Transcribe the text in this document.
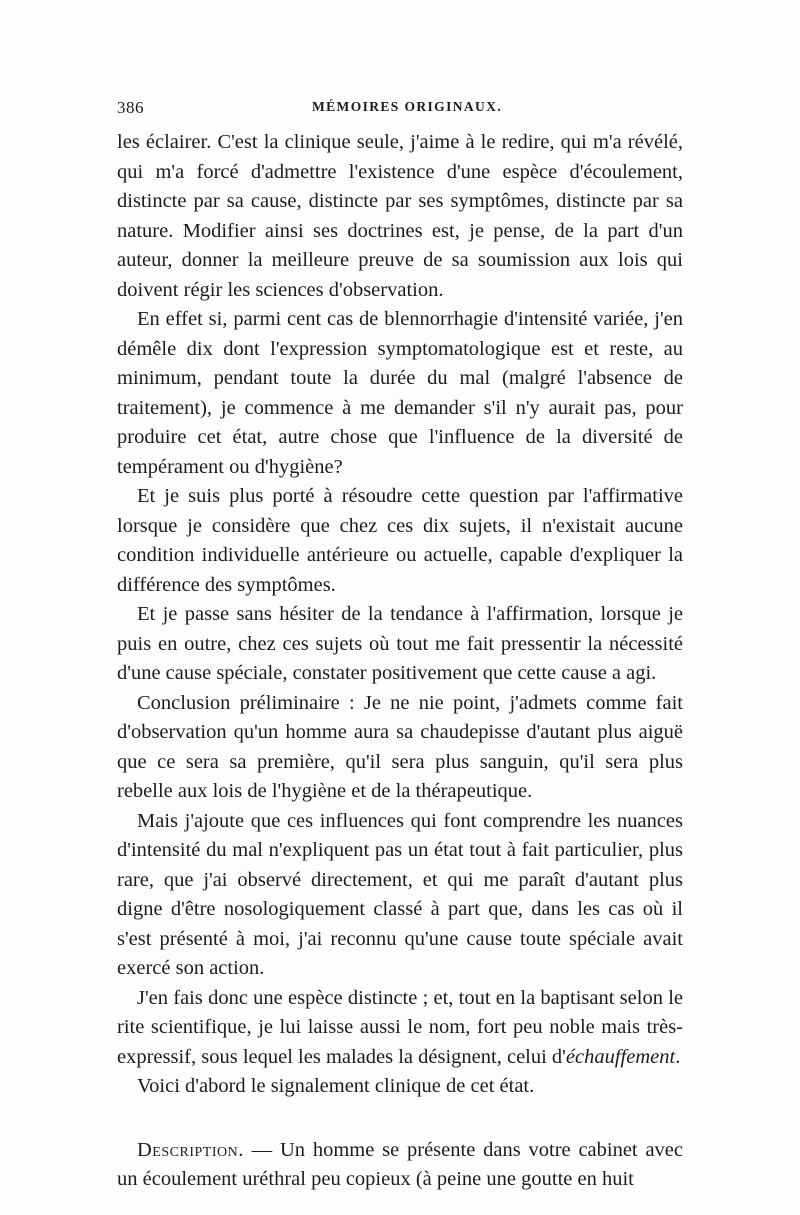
386	MÉMOIRES ORIGINAUX.

les éclairer. C'est la clinique seule, j'aime à le redire, qui m'a révélé, qui m'a forcé d'admettre l'existence d'une espèce d'écoulement, distincte par sa cause, distincte par ses symptômes, distincte par sa nature. Modifier ainsi ses doctrines est, je pense, de la part d'un auteur, donner la meilleure preuve de sa soumission aux lois qui doivent régir les sciences d'observation.

En effet si, parmi cent cas de blennorrhagie d'intensité variée, j'en démêle dix dont l'expression symptomatologique est et reste, au minimum, pendant toute la durée du mal (malgré l'absence de traitement), je commence à me demander s'il n'y aurait pas, pour produire cet état, autre chose que l'influence de la diversité de tempérament ou d'hygiène?

Et je suis plus porté à résoudre cette question par l'affirmative lorsque je considère que chez ces dix sujets, il n'existait aucune condition individuelle antérieure ou actuelle, capable d'expliquer la différence des symptômes.

Et je passe sans hésiter de la tendance à l'affirmation, lorsque je puis en outre, chez ces sujets où tout me fait pressentir la nécessité d'une cause spéciale, constater positivement que cette cause a agi.

Conclusion préliminaire : Je ne nie point, j'admets comme fait d'observation qu'un homme aura sa chaudepisse d'autant plus aiguë que ce sera sa première, qu'il sera plus sanguin, qu'il sera plus rebelle aux lois de l'hygiène et de la thérapeutique.

Mais j'ajoute que ces influences qui font comprendre les nuances d'intensité du mal n'expliquent pas un état tout à fait particulier, plus rare, que j'ai observé directement, et qui me paraît d'autant plus digne d'être nosologiquement classé à part que, dans les cas où il s'est présenté à moi, j'ai reconnu qu'une cause toute spéciale avait exercé son action.

J'en fais donc une espèce distincte ; et, tout en la baptisant selon le rite scientifique, je lui laisse aussi le nom, fort peu noble mais très-expressif, sous lequel les malades la désignent, celui d'échauffement.

Voici d'abord le signalement clinique de cet état.

Description. — Un homme se présente dans votre cabinet avec un écoulement uréthral peu copieux (à peine une goutte en huit
